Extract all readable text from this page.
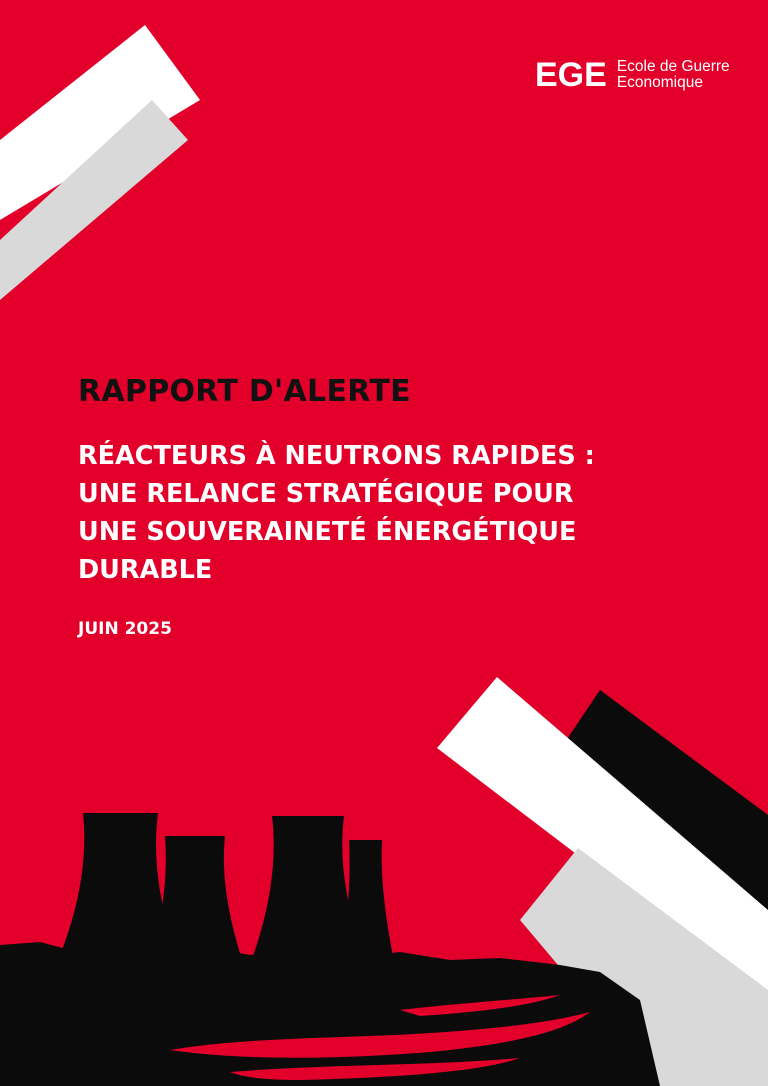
EGE Ecole de Guerre
Economique
RAPPORT D'ALERTE
RÉACTEURS À NEUTRONS RAPIDES :
UNE RELANCE STRATÉGIQUE POUR
UNE SOUVERAINETÉ ÉNERGÉTIQUE
DURABLE

JUIN 2025
